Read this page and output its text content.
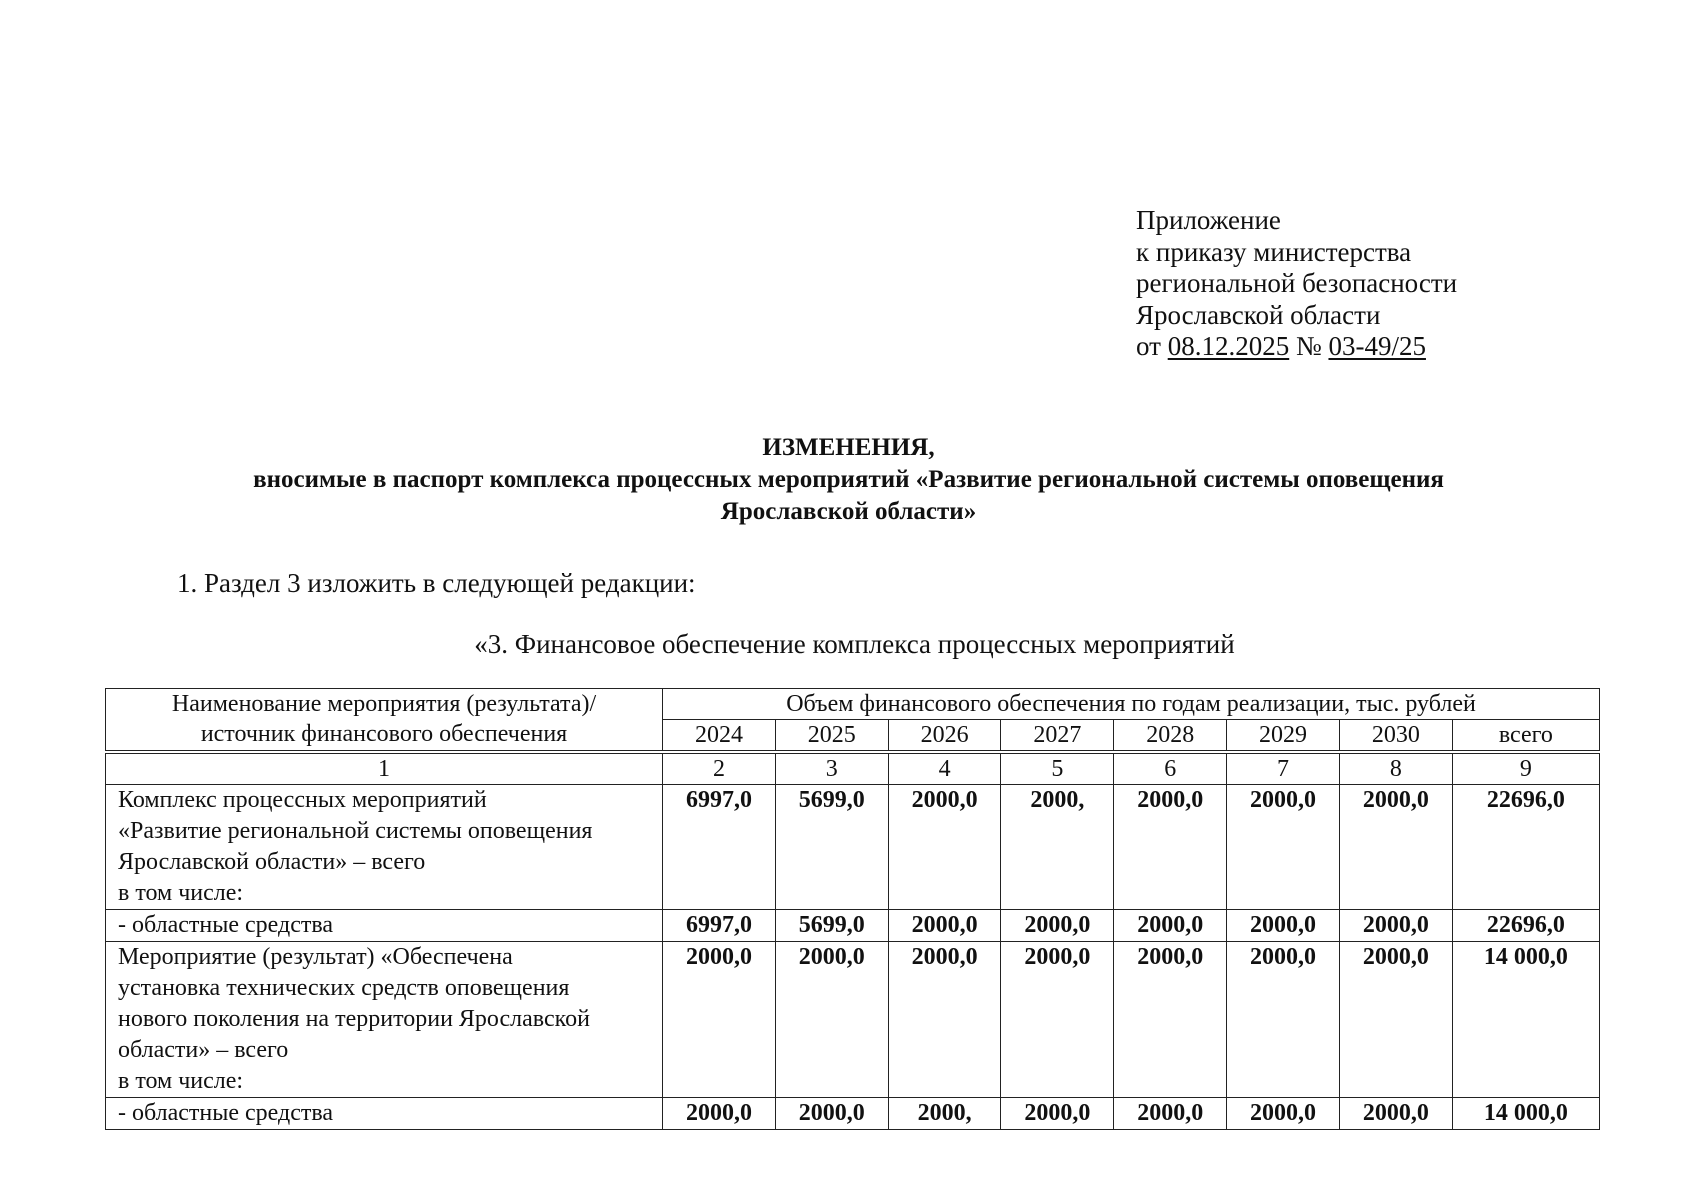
Приложение
к приказу министерства
региональной безопасности
Ярославской области
от 08.12.2025 № 03-49/25
ИЗМЕНЕНИЯ,
вносимые в паспорт комплекса процессных мероприятий «Развитие региональной системы оповещения
Ярославской области»
1. Раздел 3 изложить в следующей редакции:
«3. Финансовое обеспечение комплекса процессных мероприятий
Наименование мероприятия (результата)/
источник финансового обеспечения	Объем финансового обеспечения по годам реализации, тыс. рублей							
	2024	2025	2026	2027	2028	2029	2030	всего

1	2	3	4	5	6	7	8	9

Комплекс процессных мероприятий
«Развитие региональной системы оповещения
Ярославской области» – всего
в том числе:	6997,0	5699,0	2000,0	2000,	2000,0	2000,0	2000,0	22696,0

- областные средства	6997,0	5699,0	2000,0	2000,0	2000,0	2000,0	2000,0	22696,0

Мероприятие (результат) «Обеспечена
установка технических средств оповещения
нового поколения на территории Ярославской
области» – всего
в том числе:	2000,0	2000,0	2000,0	2000,0	2000,0	2000,0	2000,0	14 000,0

- областные средства	2000,0	2000,0	2000,	2000,0	2000,0	2000,0	2000,0	14 000,0
